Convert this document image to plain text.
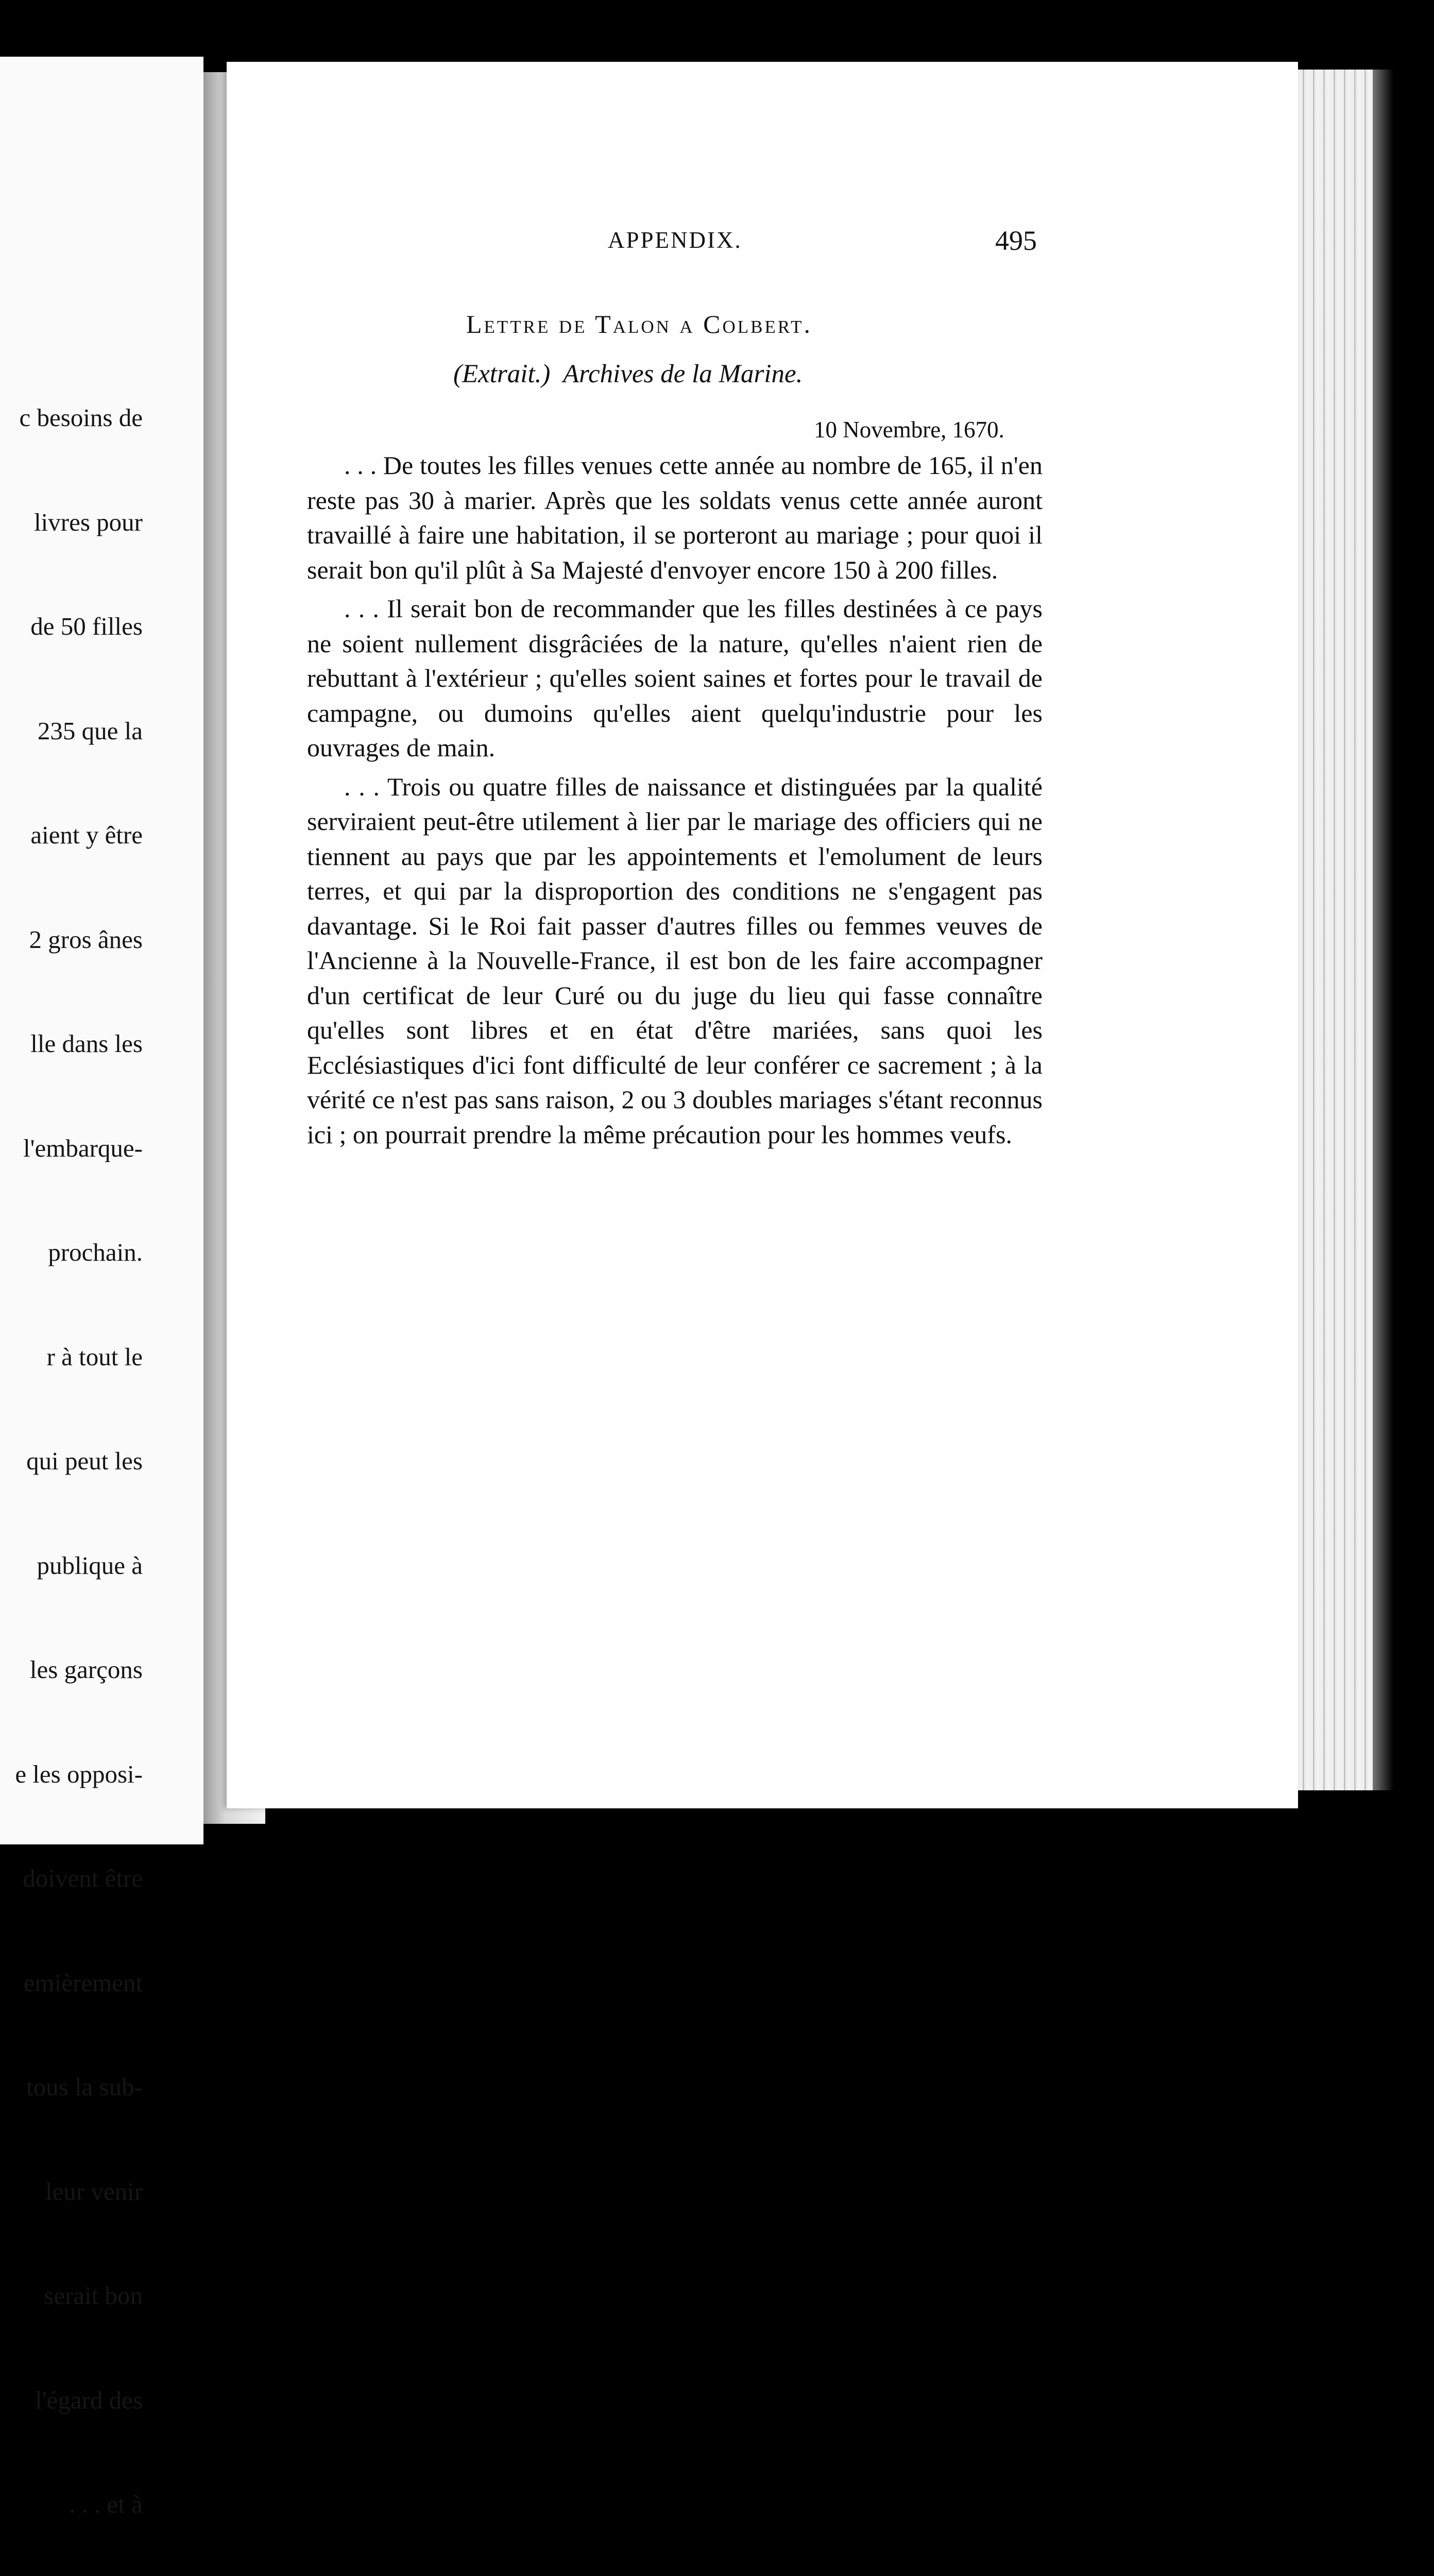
c besoins de

livres pour

de 50 filles

235 que la

aient y être

2 gros ânes

lle dans les

l'embarque-

prochain.

r à tout le

qui peut les

publique à

les garçons

e les opposi-

doivent être

emièrement

tous la sub-

leur venir

serait bon

l'égard des

. . . et à

APPENDIX.	495
Lettre de Talon a Colbert.
(Extrait.)  Archives de la Marine.
10 Novembre, 1670.

. . . De toutes les filles venues cette année au nombre de 165, il n'en reste pas 30 à marier. Après que les soldats venus cette année auront travaillé à faire une habitation, il se porteront au mariage ; pour quoi il serait bon qu'il plût à Sa Majesté d'envoyer encore 150 à 200 filles.

. . . Il serait bon de recommander que les filles destinées à ce pays ne soient nullement disgrâciées de la nature, qu'elles n'aient rien de rebuttant à l'extérieur ; qu'elles soient saines et fortes pour le travail de campagne, ou dumoins qu'elles aient quelqu'industrie pour les ouvrages de main.

. . . Trois ou quatre filles de naissance et distinguées par la qualité serviraient peut-être utilement à lier par le mariage des officiers qui ne tiennent au pays que par les appointements et l'emolument de leurs terres, et qui par la disproportion des conditions ne s'engagent pas davantage. Si le Roi fait passer d'autres filles ou femmes veuves de l'Ancienne à la Nouvelle-France, il est bon de les faire accompagner d'un certificat de leur Curé ou du juge du lieu qui fasse connaître qu'elles sont libres et en état d'être mariées, sans quoi les Ecclésiastiques d'ici font difficulté de leur conférer ce sacrement ; à la vérité ce n'est pas sans raison, 2 ou 3 doubles mariages s'étant reconnus ici ; on pourrait prendre la même précaution pour les hommes veufs.
